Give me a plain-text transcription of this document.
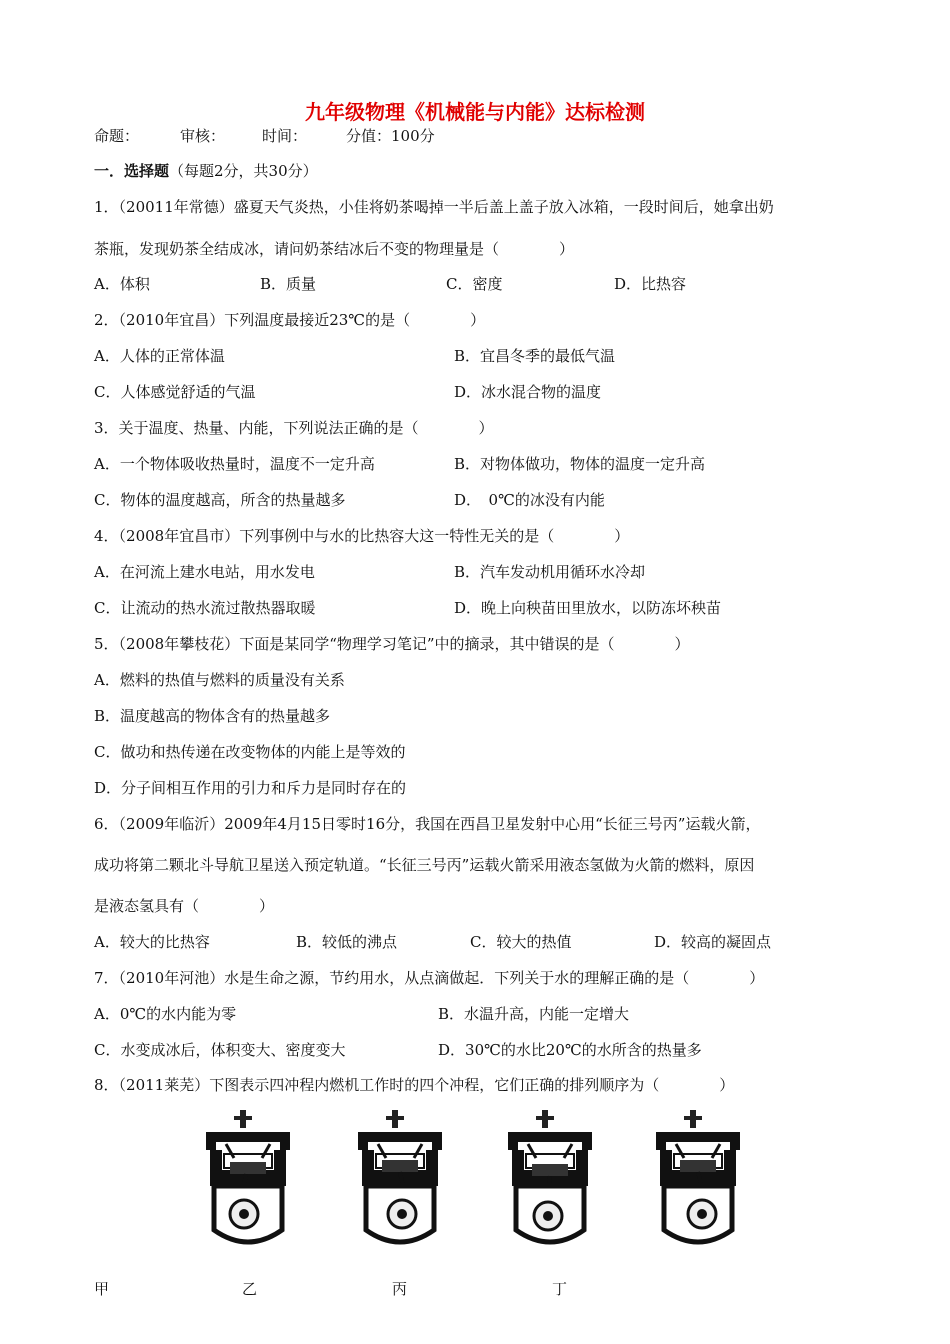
九年级物理《机械能与内能》达标检测
命题：	审核： 时间：	分值：100分
一．选择题（每题2分，共30分）
1．（20011年常德）盛夏天气炎热，小佳将奶茶喝掉一半后盖上盖子放入冰箱，一段时间后，她拿出奶
茶瓶，发现奶茶全结成冰，请问奶茶结冰后不变的物理量是（　　　　）
A．体积	B．质量	C．密度	D．比热容
2．（2010年宜昌）下列温度最接近23℃的是（　　　　）
A．人体的正常体温	B．宜昌冬季的最低气温
C．人体感觉舒适的气温	D．冰水混合物的温度
3．关于温度、热量、内能，下列说法正确的是（　　　　）
A．一个物体吸收热量时，温度不一定升高	B．对物体做功，物体的温度一定升高
C．物体的温度越高，所含的热量越多	D．　0℃的冰没有内能
4．（2008年宜昌市）下列事例中与水的比热容大这一特性无关的是（　　　　）
A．在河流上建水电站，用水发电	B．汽车发动机用循环水冷却
C．让流动的热水流过散热器取暖	D．晚上向秧苗田里放水，以防冻坏秧苗
5．（2008年攀枝花）下面是某同学“物理学习笔记”中的摘录，其中错误的是（　　　　）
A．燃料的热值与燃料的质量没有关系
B．温度越高的物体含有的热量越多
C．做功和热传递在改变物体的内能上是等效的
D．分子间相互作用的引力和斥力是同时存在的
6．（2009年临沂）2009年4月15日零时16分，我国在西昌卫星发射中心用“长征三号丙”运载火箭，
成功将第二颗北斗导航卫星送入预定轨道。“长征三号丙”运载火箭采用液态氢做为火箭的燃料，原因
是液态氢具有（　　　　）
A．较大的比热容	B．较低的沸点	C．较大的热值	D．较高的凝固点
7．（2010年河池）水是生命之源，节约用水，从点滴做起．下列关于水的理解正确的是（　　　　）
A．0℃的水内能为零	B．水温升高，内能一定增大
C．水变成冰后，体积变大、密度变大	D．30℃的水比20℃的水所含的热量多
8．（2011莱芜）下图表示四冲程内燃机工作时的四个冲程，它们正确的排列顺序为（　　　　）
甲	乙	丙	丁
